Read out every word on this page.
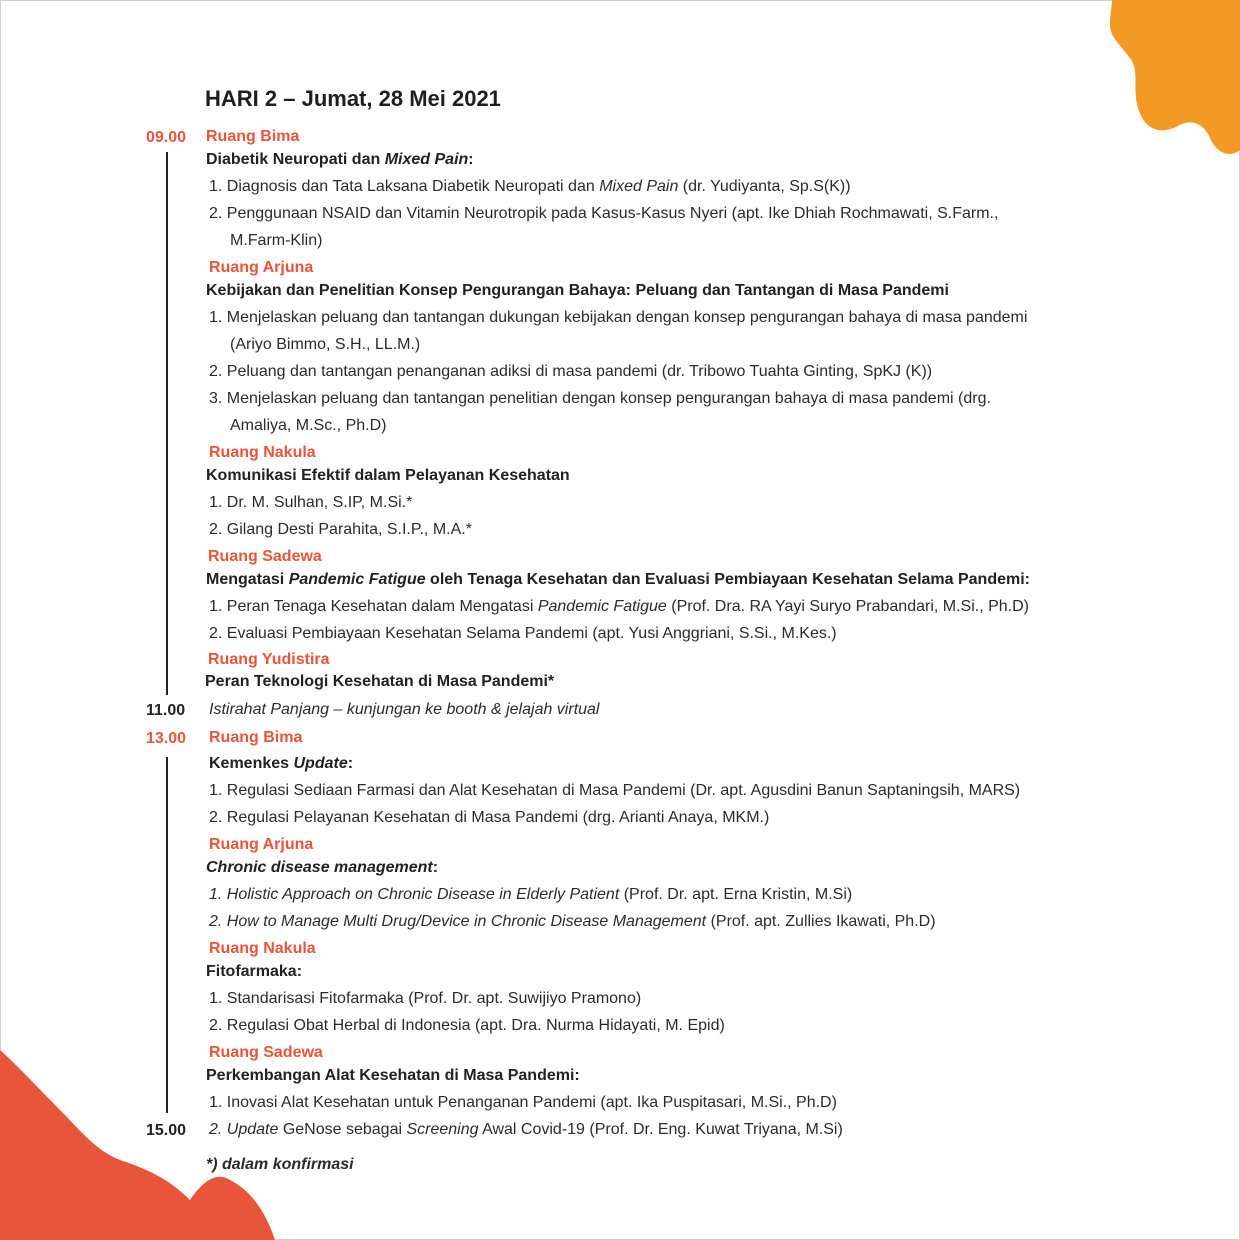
HARI 2 – Jumat, 28 Mei 2021
09.00
11.00
13.00
15.00
Ruang Bima
Diabetik Neuropati dan Mixed Pain:
1. Diagnosis dan Tata Laksana Diabetik Neuropati dan Mixed Pain (dr. Yudiyanta, Sp.S(K))
2. Penggunaan NSAID dan Vitamin Neurotropik pada Kasus-Kasus Nyeri (apt. Ike Dhiah Rochmawati, S.Farm.,
M.Farm-Klin)
Ruang Arjuna
Kebijakan dan Penelitian Konsep Pengurangan Bahaya: Peluang dan Tantangan di Masa Pandemi
1. Menjelaskan peluang dan tantangan dukungan kebijakan dengan konsep pengurangan bahaya di masa pandemi
(Ariyo Bimmo, S.H., LL.M.)
2. Peluang dan tantangan penanganan adiksi di masa pandemi (dr. Tribowo Tuahta Ginting, SpKJ (K))
3. Menjelaskan peluang dan tantangan penelitian dengan konsep pengurangan bahaya di masa pandemi (drg.
Amaliya, M.Sc., Ph.D)
Ruang Nakula
Komunikasi Efektif dalam Pelayanan Kesehatan
1. Dr. M. Sulhan, S.IP, M.Si.*
2. Gilang Desti Parahita, S.I.P., M.A.*
Ruang Sadewa
Mengatasi Pandemic Fatigue oleh Tenaga Kesehatan dan Evaluasi Pembiayaan Kesehatan Selama Pandemi:
1. Peran Tenaga Kesehatan dalam Mengatasi Pandemic Fatigue (Prof. Dra. RA Yayi Suryo Prabandari, M.Si., Ph.D)
2. Evaluasi Pembiayaan Kesehatan Selama Pandemi (apt. Yusi Anggriani, S.Si., M.Kes.)
Ruang Yudistira
Peran Teknologi Kesehatan di Masa Pandemi*
Istirahat Panjang – kunjungan ke booth & jelajah virtual
Ruang Bima
Kemenkes Update:
1. Regulasi Sediaan Farmasi dan Alat Kesehatan di Masa Pandemi (Dr. apt. Agusdini Banun Saptaningsih, MARS)
2. Regulasi Pelayanan Kesehatan di Masa Pandemi (drg. Arianti Anaya, MKM.)
Ruang Arjuna
Chronic disease management:
1. Holistic Approach on Chronic Disease in Elderly Patient (Prof. Dr. apt. Erna Kristin, M.Si)
2. How to Manage Multi Drug/Device in Chronic Disease Management (Prof. apt. Zullies Ikawati, Ph.D)
Ruang Nakula
Fitofarmaka:
1. Standarisasi Fitofarmaka (Prof. Dr. apt. Suwijiyo Pramono)
2. Regulasi Obat Herbal di Indonesia (apt. Dra. Nurma Hidayati, M. Epid)
Ruang Sadewa
Perkembangan Alat Kesehatan di Masa Pandemi:
1. Inovasi Alat Kesehatan untuk Penanganan Pandemi (apt. Ika Puspitasari, M.Si., Ph.D)
2. Update GeNose sebagai Screening Awal Covid-19 (Prof. Dr. Eng. Kuwat Triyana, M.Si)
*) dalam konfirmasi
